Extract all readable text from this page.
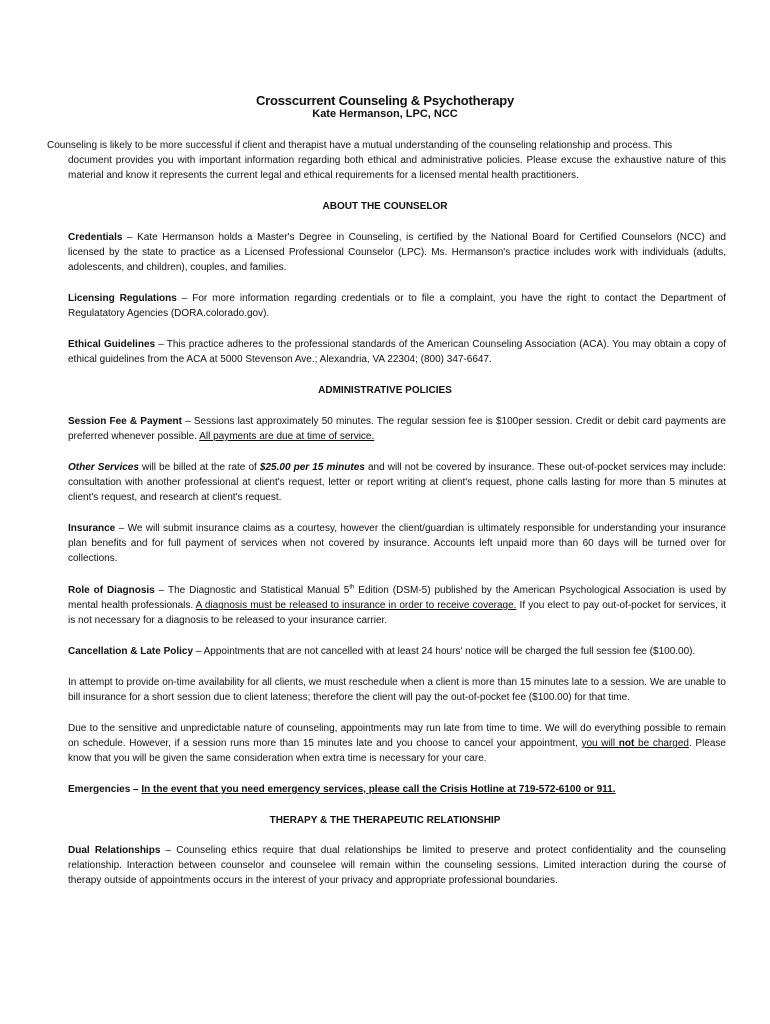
Crosscurrent Counseling & Psychotherapy
Kate Hermanson, LPC, NCC
Counseling is likely to be more successful if client and therapist have a mutual understanding of the counseling relationship and process. This
document provides you with important information regarding both ethical and administrative policies. Please excuse the exhaustive nature of this material and know it represents the current legal and ethical requirements for a licensed mental health practitioners.
ABOUT THE COUNSELOR
Credentials – Kate Hermanson holds a Master's Degree in Counseling, is certified by the National Board for Certified Counselors (NCC) and licensed by the state to practice as a Licensed Professional Counselor (LPC). Ms. Hermanson's practice includes work with individuals (adults, adolescents, and children), couples, and families.
Licensing Regulations – For more information regarding credentials or to file a complaint, you have the right to contact the Department of Regulatatory Agencies (DORA.colorado.gov).
Ethical Guidelines – This practice adheres to the professional standards of the American Counseling Association (ACA). You may obtain a copy of ethical guidelines from the ACA at 5000 Stevenson Ave.; Alexandria, VA 22304; (800) 347-6647.
ADMINISTRATIVE POLICIES
Session Fee & Payment – Sessions last approximately 50 minutes. The regular session fee is $100per session. Credit or debit card payments are preferred whenever possible. All payments are due at time of service.
Other Services will be billed at the rate of $25.00 per 15 minutes and will not be covered by insurance. These out-of-pocket services may include: consultation with another professional at client's request, letter or report writing at client's request, phone calls lasting for more than 5 minutes at client's request, and research at client's request.
Insurance – We will submit insurance claims as a courtesy, however the client/guardian is ultimately responsible for understanding your insurance plan benefits and for full payment of services when not covered by insurance. Accounts left unpaid more than 60 days will be turned over for collections.
Role of Diagnosis – The Diagnostic and Statistical Manual 5th Edition (DSM-5) published by the American Psychological Association is used by mental health professionals. A diagnosis must be released to insurance in order to receive coverage. If you elect to pay out-of-pocket for services, it is not necessary for a diagnosis to be released to your insurance carrier.
Cancellation & Late Policy – Appointments that are not cancelled with at least 24 hours' notice will be charged the full session fee ($100.00).
In attempt to provide on-time availability for all clients, we must reschedule when a client is more than 15 minutes late to a session. We are unable to bill insurance for a short session due to client lateness; therefore the client will pay the out-of-pocket fee ($100.00) for that time.
Due to the sensitive and unpredictable nature of counseling, appointments may run late from time to time. We will do everything possible to remain on schedule. However, if a session runs more than 15 minutes late and you choose to cancel your appointment, you will not be charged. Please know that you will be given the same consideration when extra time is necessary for your care.
Emergencies – In the event that you need emergency services, please call the Crisis Hotline at 719-572-6100 or 911.
THERAPY & THE THERAPEUTIC RELATIONSHIP
Dual Relationships – Counseling ethics require that dual relationships be limited to preserve and protect confidentiality and the counseling relationship. Interaction between counselor and counselee will remain within the counseling sessions. Limited interaction during the course of therapy outside of appointments occurs in the interest of your privacy and appropriate professional boundaries.
